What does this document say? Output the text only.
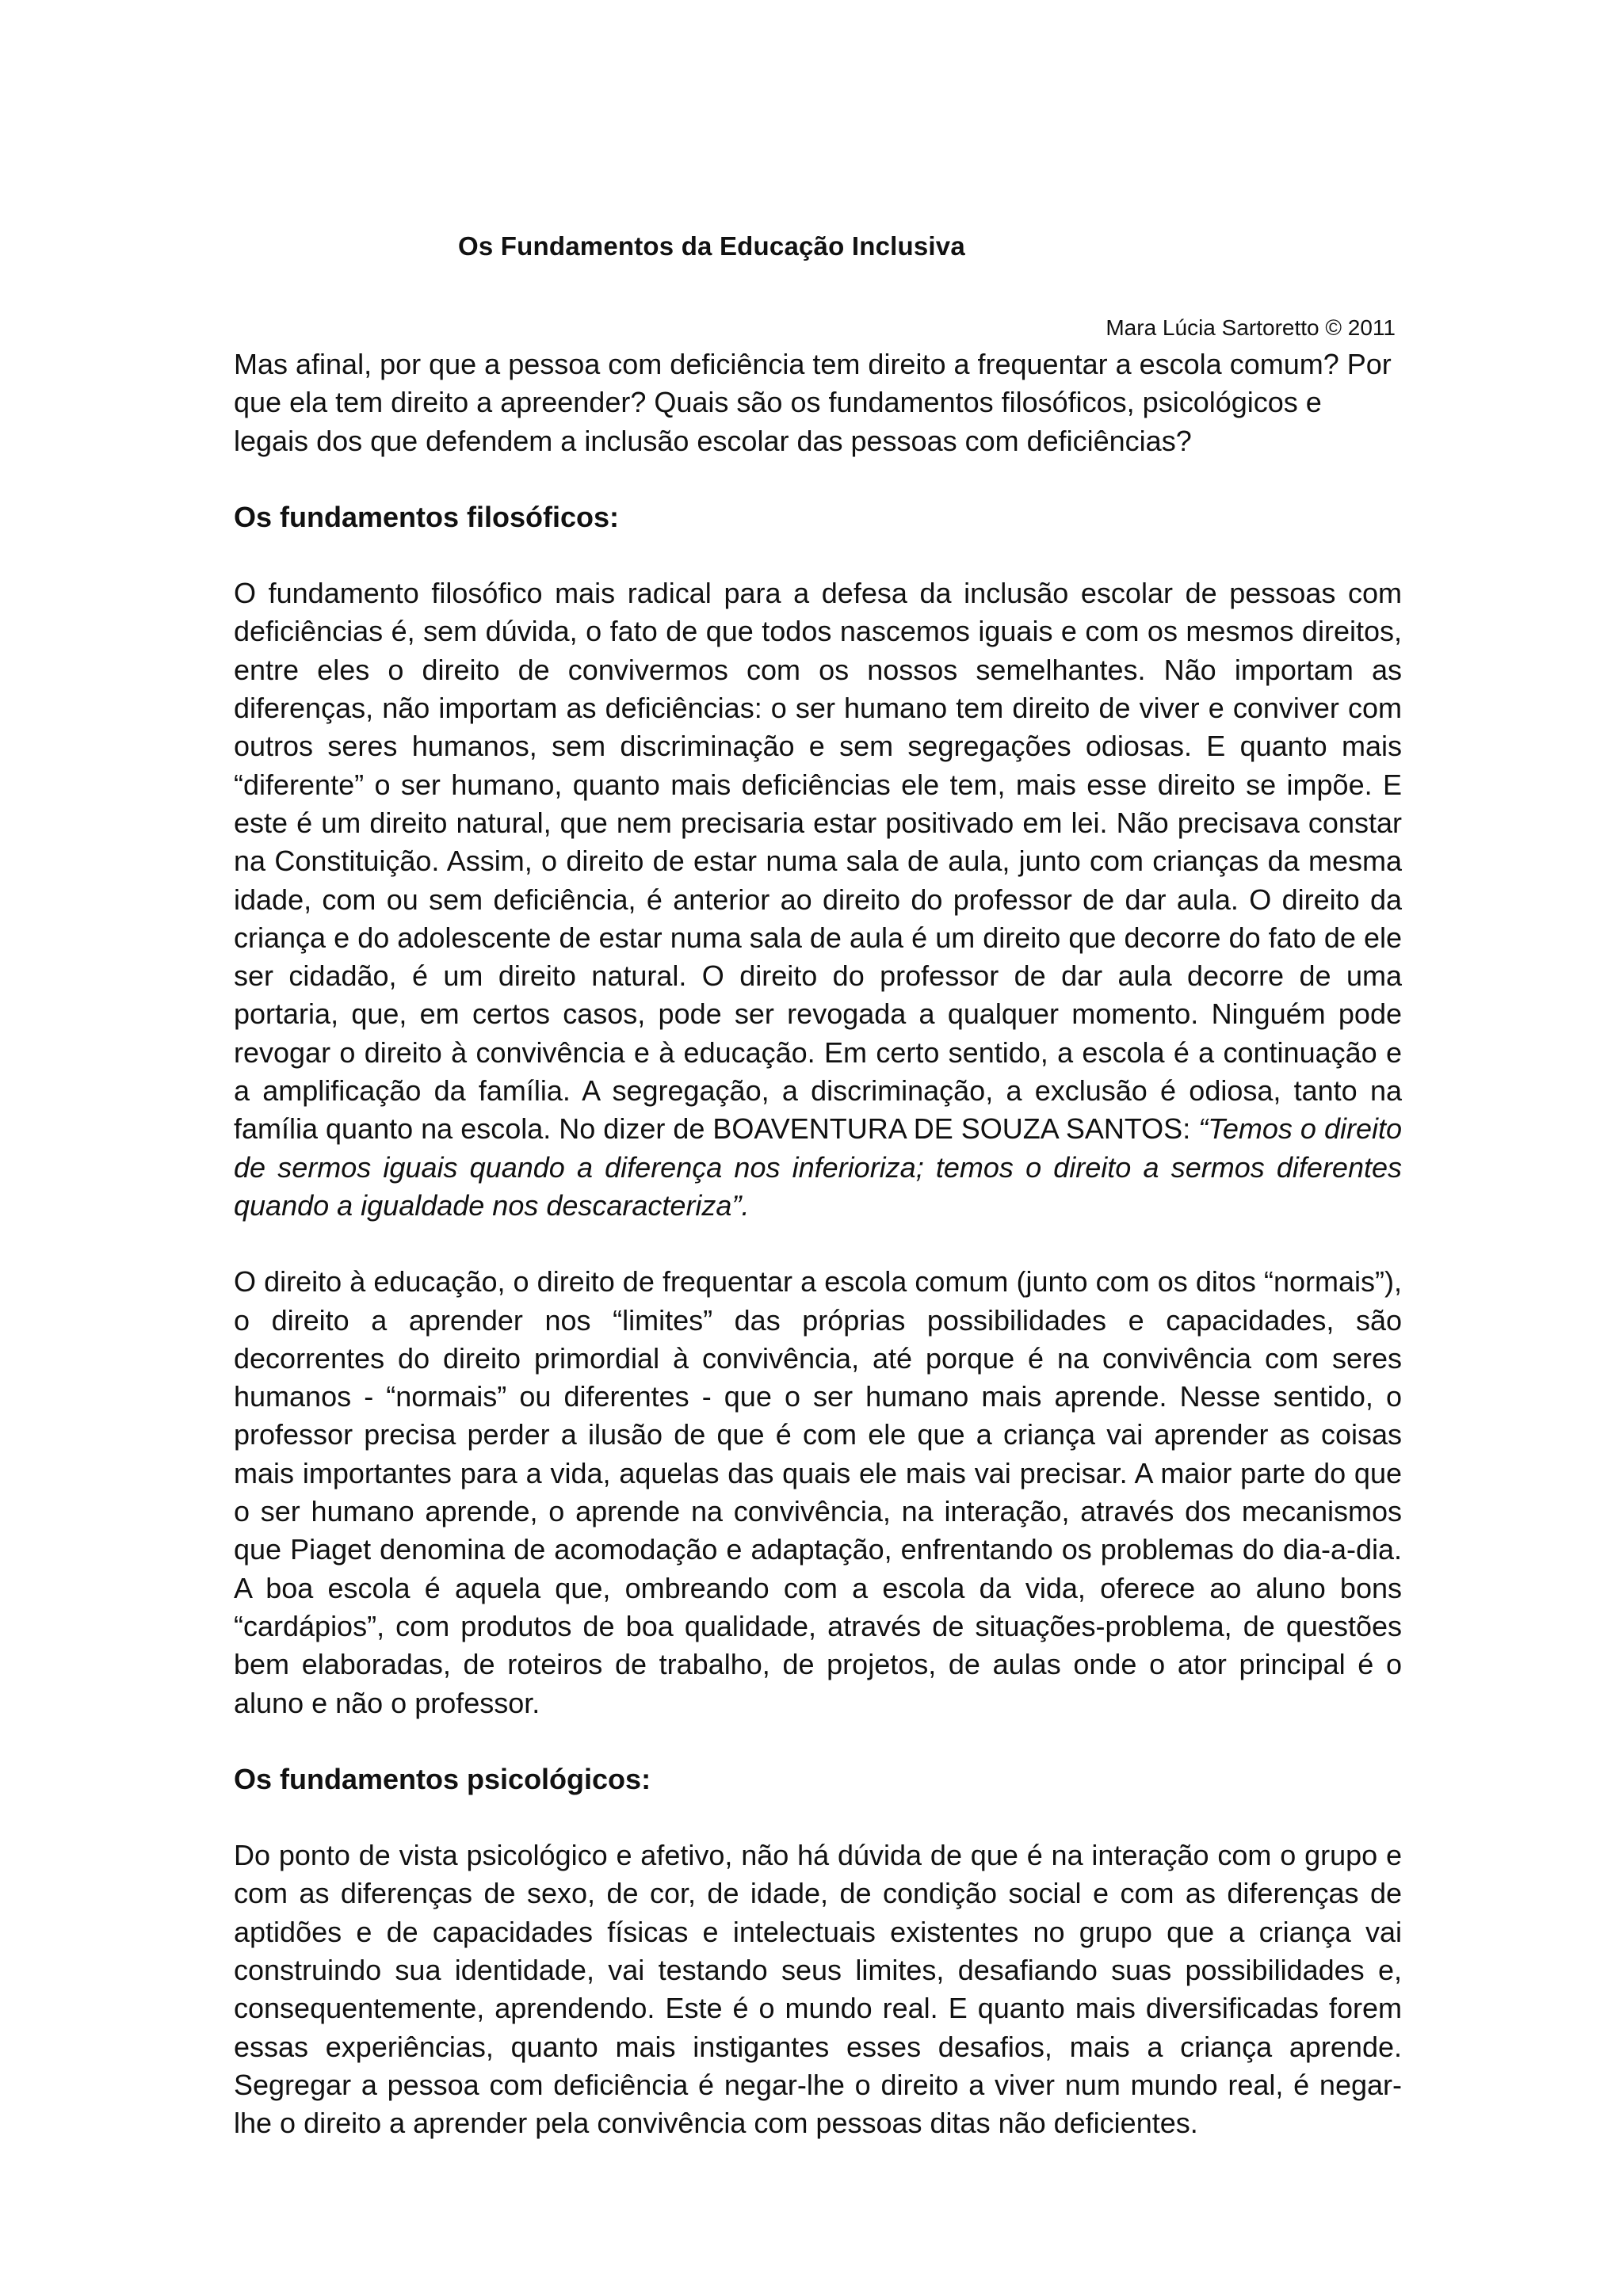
Os Fundamentos da Educação Inclusiva
Mara Lúcia Sartoretto © 2011

Mas afinal, por que a pessoa com deficiência tem direito a frequentar a escola comum? Por que ela tem direito a apreender? Quais são os fundamentos filosóficos, psicológicos e legais dos que defendem a inclusão escolar das pessoas com deficiências?

Os fundamentos filosóficos:

O fundamento filosófico mais radical para a defesa da inclusão escolar de pessoas com deficiências é, sem dúvida, o fato de que todos nascemos iguais e com os mesmos direitos, entre eles o direito de convivermos com os nossos semelhantes. Não importam as diferenças, não importam as deficiências: o ser humano tem direito de viver e conviver com outros seres humanos, sem discriminação e sem segregações odiosas. E quanto mais “diferente” o ser humano, quanto mais deficiências ele tem, mais esse direito se impõe. E este é um direito natural, que nem precisaria estar positivado em lei. Não precisava constar na Constituição. Assim, o direito de estar numa sala de aula, junto com crianças da mesma idade, com ou sem deficiência, é anterior ao direito do professor de dar aula. O direito da criança e do adolescente de estar numa sala de aula é um direito que decorre do fato de ele ser cidadão, é um direito natural. O direito do professor de dar aula decorre de uma portaria, que, em certos casos, pode ser revogada a qualquer momento. Ninguém pode revogar o direito à convivência e à educação. Em certo sentido, a escola é a continuação e a amplificação da família. A segregação, a discriminação, a exclusão é odiosa, tanto na família quanto na escola. No dizer de BOAVENTURA DE SOUZA SANTOS: “Temos o direito de sermos iguais quando a diferença nos inferioriza; temos o direito a sermos diferentes quando a igualdade nos descaracteriza”.

O direito à educação, o direito de frequentar a escola comum (junto com os ditos “normais”), o direito a aprender nos “limites” das próprias possibilidades e capacidades, são decorrentes do direito primordial à convivência, até porque é na convivência com seres humanos - “normais” ou diferentes - que o ser humano mais aprende. Nesse sentido, o professor precisa perder a ilusão de que é com ele que a criança vai aprender as coisas mais importantes para a vida, aquelas das quais ele mais vai precisar. A maior parte do que o ser humano aprende, o aprende na convivência, na interação, através dos mecanismos que Piaget denomina de acomodação e adaptação, enfrentando os problemas do dia-a-dia. A boa escola é aquela que, ombreando com a escola da vida, oferece ao aluno bons “cardápios”, com produtos de boa qualidade, através de situações-problema, de questões bem elaboradas, de roteiros de trabalho, de projetos, de aulas onde o ator principal é o aluno e não o professor.

Os fundamentos psicológicos:

Do ponto de vista psicológico e afetivo, não há dúvida de que é na interação com o grupo e com as diferenças de sexo, de cor, de idade, de condição social e com as diferenças de aptidões e de capacidades físicas e intelectuais existentes no grupo que a criança vai construindo sua identidade, vai testando seus limites, desafiando suas possibilidades e, consequentemente, aprendendo. Este é o mundo real. E quanto mais diversificadas forem essas experiências, quanto mais instigantes esses desafios, mais a criança aprende. Segregar a pessoa com deficiência é negar-lhe o direito a viver num mundo real, é negar-lhe o direito a aprender pela convivência com pessoas ditas não deficientes.
